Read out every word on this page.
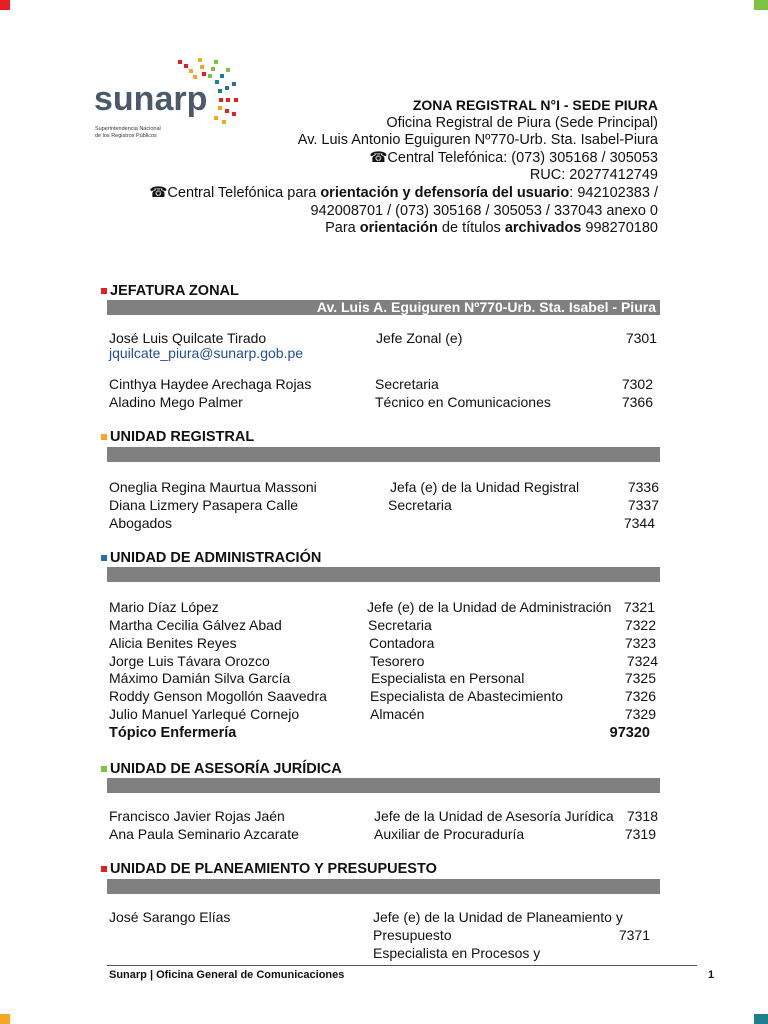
sunarp
Superintendencia Nacional
de los Registros Públicos
ZONA REGISTRAL N°I - SEDE PIURA
Oficina Registral de Piura (Sede Principal)
Av. Luis Antonio Eguiguren Nº770-Urb. Sta. Isabel-Piura
☎Central Telefónica: (073) 305168 / 305053
RUC: 20277412749
☎Central Telefónica para orientación y defensoría del usuario: 942102383 /
942008701 / (073) 305168 / 305053 / 337043 anexo 0
Para orientación de títulos archivados 998270180
JEFATURA ZONAL
Av. Luis A. Eguiguren Nº770-Urb. Sta. Isabel - Piura
José Luis Quilcate Tirado	Jefe Zonal (e)	7301
jquilcate_piura@sunarp.gob.pe
Cinthya Haydee Arechaga Rojas	Secretaria	7302
Aladino Mego Palmer	Técnico en Comunicaciones	7366
UNIDAD REGISTRAL
Oneglia Regina Maurtua Massoni	Jefa (e) de la Unidad Registral	7336
Diana Lizmery Pasapera Calle	Secretaria	7337
Abogados	7344
UNIDAD DE ADMINISTRACIÓN
Mario Díaz López	Jefe (e) de la Unidad de Administración 7321
Martha Cecilia Gálvez Abad	Secretaria	7322
Alicia Benites Reyes	Contadora	7323
Jorge Luis Távara Orozco	Tesorero	7324
Máximo Damián Silva García	Especialista en Personal	7325
Roddy Genson Mogollón Saavedra	Especialista de Abastecimiento	7326
Julio Manuel Yarlequé Cornejo	Almacén	7329
Tópico Enfermería	97320
UNIDAD DE ASESORÍA JURÍDICA
Francisco Javier Rojas Jaén	Jefe de la Unidad de Asesoría Jurídica 7318
Ana Paula Seminario Azcarate	Auxiliar de Procuraduría	7319
UNIDAD DE PLANEAMIENTO Y PRESUPUESTO
José Sarango Elías	Jefe (e) de la Unidad de Planeamiento y
Presupuesto	7371
Especialista en Procesos y
Sunarp | Oficina General de Comunicaciones	1
